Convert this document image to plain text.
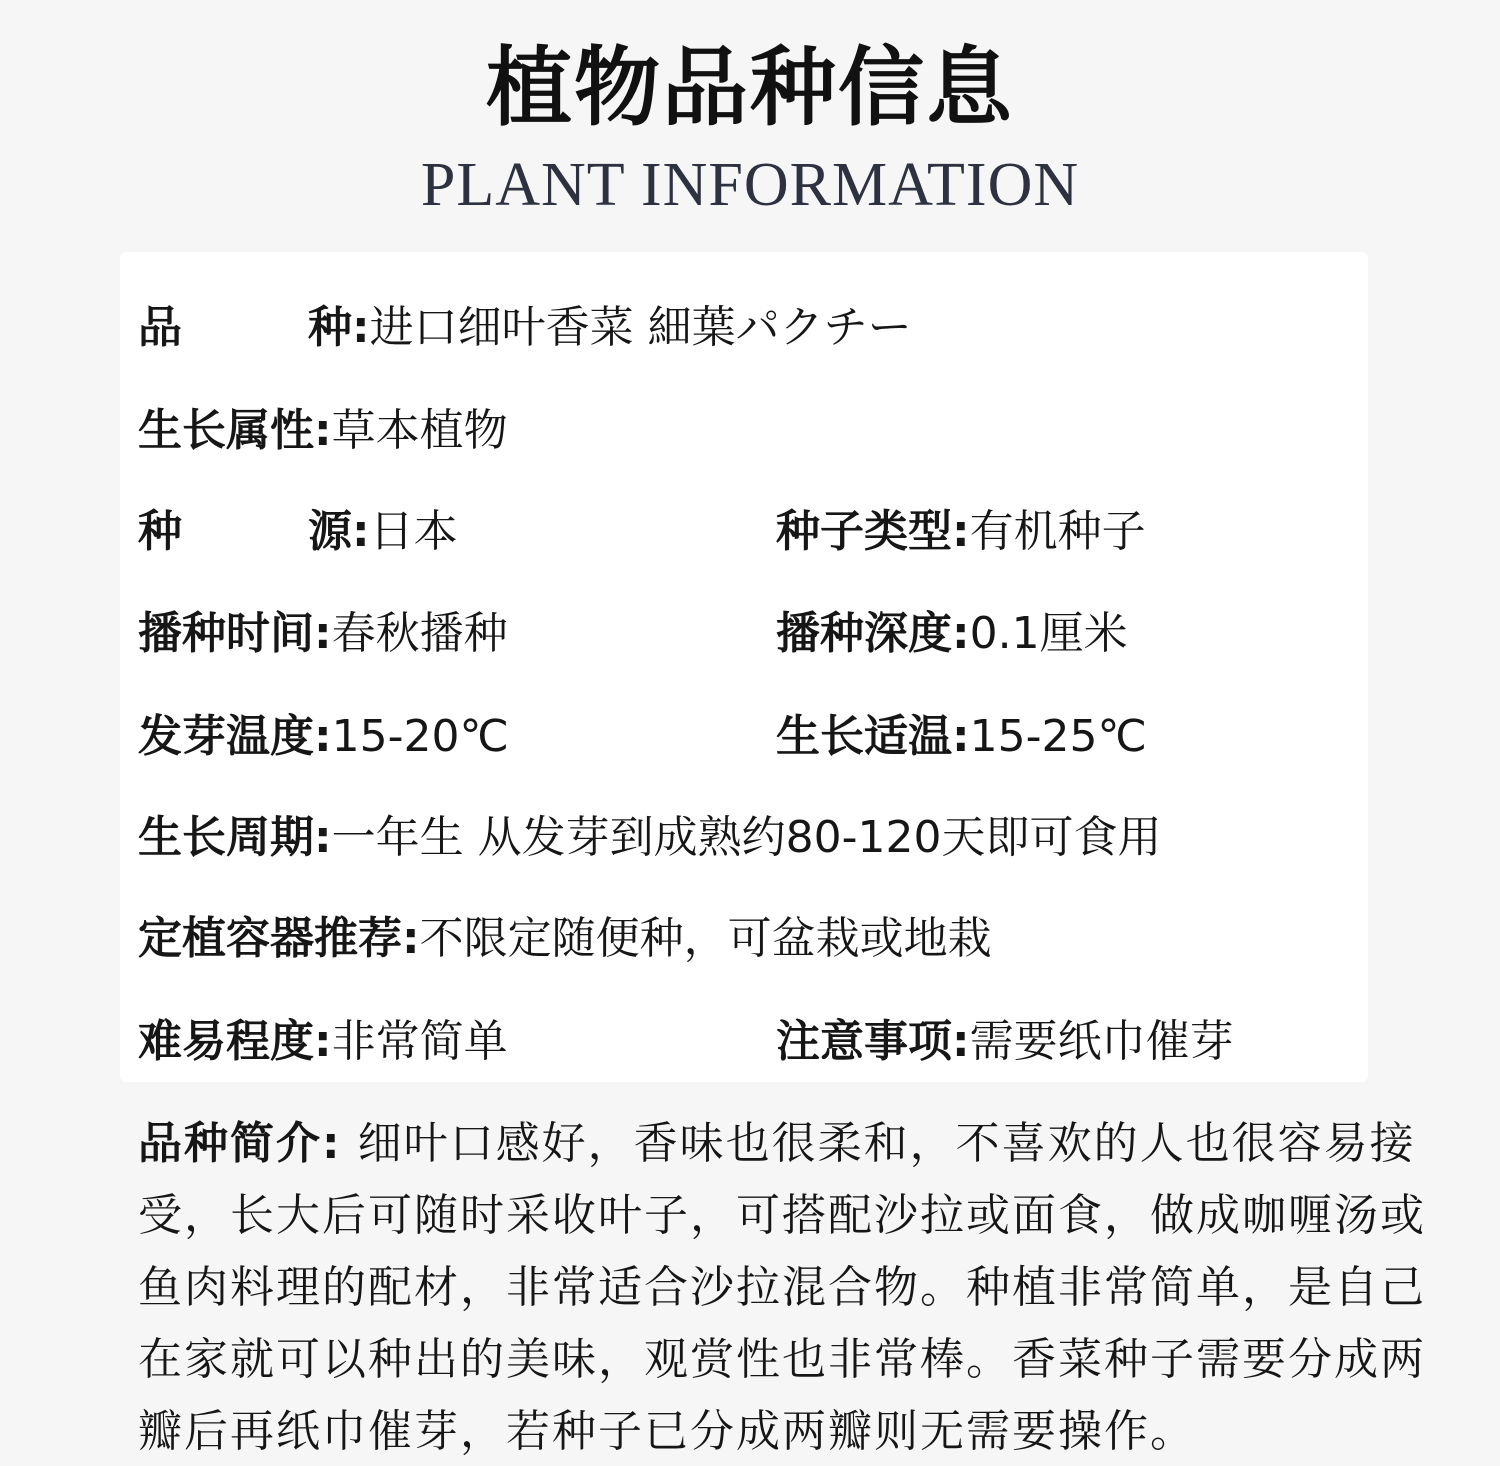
植物品种信息
PLANT INFORMATION
品　种:进口细叶香菜 細葉パクチー
生长属性:草本植物
种　源:日本	种子类型:有机种子
播种时间:春秋播种	播种深度:0.1厘米
发芽温度:15-20℃	生长适温:15-25℃
生长周期:一年生 从发芽到成熟约80-120天即可食用
定植容器推荐:不限定随便种，可盆栽或地栽
难易程度:非常简单	注意事项:需要纸巾催芽
品种简介: 细叶口感好，香味也很柔和，不喜欢的人也很容易接受，长大后可随时采收叶子，可搭配沙拉或面食，做成咖喱汤或鱼肉料理的配材，非常适合沙拉混合物。种植非常简单，是自己在家就可以种出的美味，观赏性也非常棒。香菜种子需要分成两瓣后再纸巾催芽，若种子已分成两瓣则无需要操作。
